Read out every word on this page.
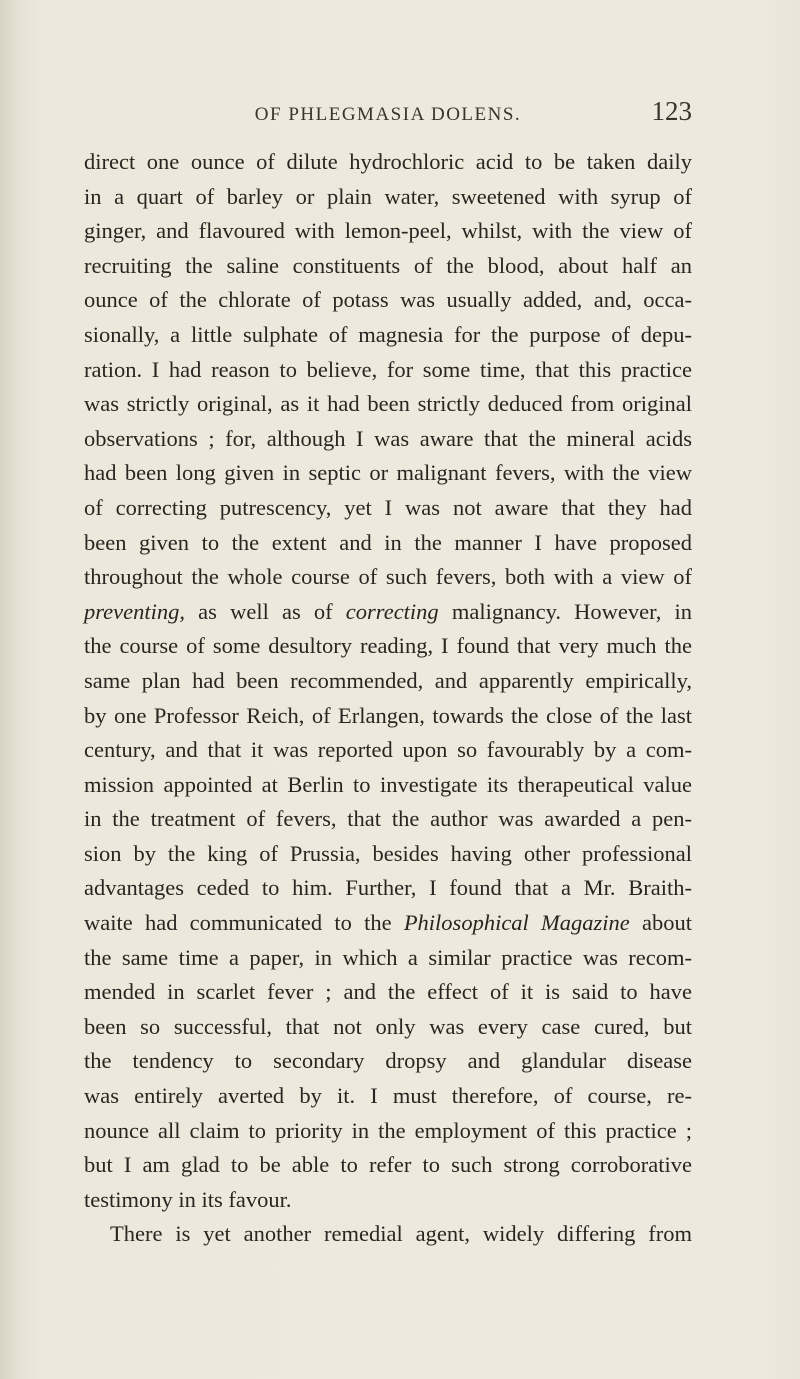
OF PHLEGMASIA DOLENS.	123
direct one ounce of dilute hydrochloric acid to be taken daily
in a quart of barley or plain water, sweetened with syrup of
ginger, and flavoured with lemon-peel, whilst, with the view of
recruiting the saline constituents of the blood, about half an
ounce of the chlorate of potass was usually added, and, occa-
sionally, a little sulphate of magnesia for the purpose of depu-
ration. I had reason to believe, for some time, that this practice
was strictly original, as it had been strictly deduced from original
observations ; for, although I was aware that the mineral acids
had been long given in septic or malignant fevers, with the view
of correcting putrescency, yet I was not aware that they had
been given to the extent and in the manner I have proposed
throughout the whole course of such fevers, both with a view of
preventing, as well as of correcting malignancy. However, in
the course of some desultory reading, I found that very much the
same plan had been recommended, and apparently empirically,
by one Professor Reich, of Erlangen, towards the close of the last
century, and that it was reported upon so favourably by a com-
mission appointed at Berlin to investigate its therapeutical value
in the treatment of fevers, that the author was awarded a pen-
sion by the king of Prussia, besides having other professional
advantages ceded to him. Further, I found that a Mr. Braith-
waite had communicated to the Philosophical Magazine about
the same time a paper, in which a similar practice was recom-
mended in scarlet fever ; and the effect of it is said to have
been so successful, that not only was every case cured, but
the tendency to secondary dropsy and glandular disease
was entirely averted by it. I must therefore, of course, re-
nounce all claim to priority in the employment of this practice ;
but I am glad to be able to refer to such strong corroborative
testimony in its favour.
There is yet another remedial agent, widely differing from
